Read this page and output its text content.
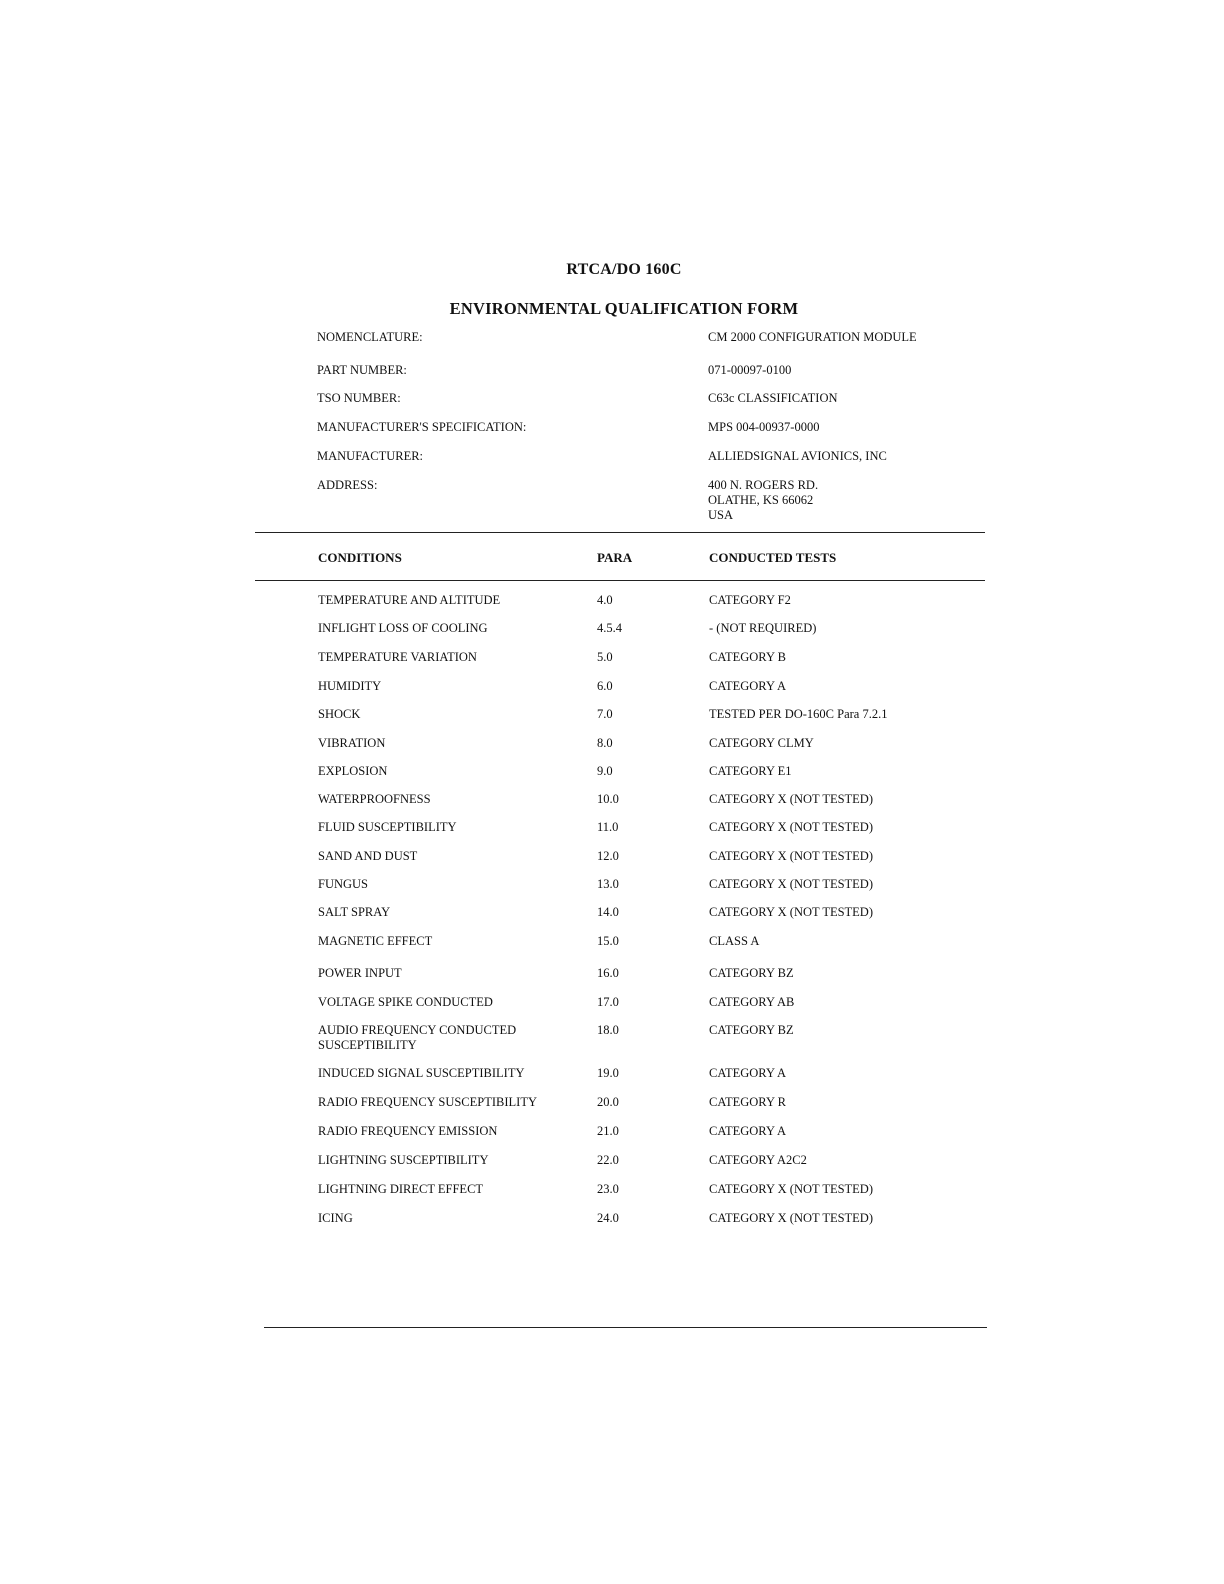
RTCA/DO 160C
ENVIRONMENTAL QUALIFICATION FORM
NOMENCLATURE:	CM 2000 CONFIGURATION MODULE
PART NUMBER:	071-00097-0100
TSO NUMBER:	C63c CLASSIFICATION
MANUFACTURER'S SPECIFICATION:	MPS 004-00937-0000
MANUFACTURER:	ALLIEDSIGNAL AVIONICS, INC
ADDRESS:	400 N. ROGERS RD.
OLATHE, KS 66062
USA
CONDITIONS	PARA	CONDUCTED TESTS
TEMPERATURE AND ALTITUDE	4.0	CATEGORY F2
INFLIGHT LOSS OF COOLING	4.5.4	- (NOT REQUIRED)
TEMPERATURE VARIATION	5.0	CATEGORY B
HUMIDITY	6.0	CATEGORY A
SHOCK	7.0	TESTED PER DO-160C Para 7.2.1
VIBRATION	8.0	CATEGORY CLMY
EXPLOSION	9.0	CATEGORY E1
WATERPROOFNESS	10.0	CATEGORY X (NOT TESTED)
FLUID SUSCEPTIBILITY	11.0	CATEGORY X (NOT TESTED)
SAND AND DUST	12.0	CATEGORY X (NOT TESTED)
FUNGUS	13.0	CATEGORY X (NOT TESTED)
SALT SPRAY	14.0	CATEGORY X (NOT TESTED)
MAGNETIC EFFECT	15.0	CLASS A
POWER INPUT	16.0	CATEGORY BZ
VOLTAGE SPIKE CONDUCTED	17.0	CATEGORY AB
AUDIO FREQUENCY CONDUCTED SUSCEPTIBILITY
18.0	CATEGORY BZ
INDUCED SIGNAL SUSCEPTIBILITY	19.0	CATEGORY A
RADIO FREQUENCY SUSCEPTIBILITY	20.0	CATEGORY R
RADIO FREQUENCY EMISSION	21.0	CATEGORY A
LIGHTNING SUSCEPTIBILITY	22.0	CATEGORY A2C2
LIGHTNING DIRECT EFFECT	23.0	CATEGORY X (NOT TESTED)
ICING	24.0	CATEGORY X (NOT TESTED)
